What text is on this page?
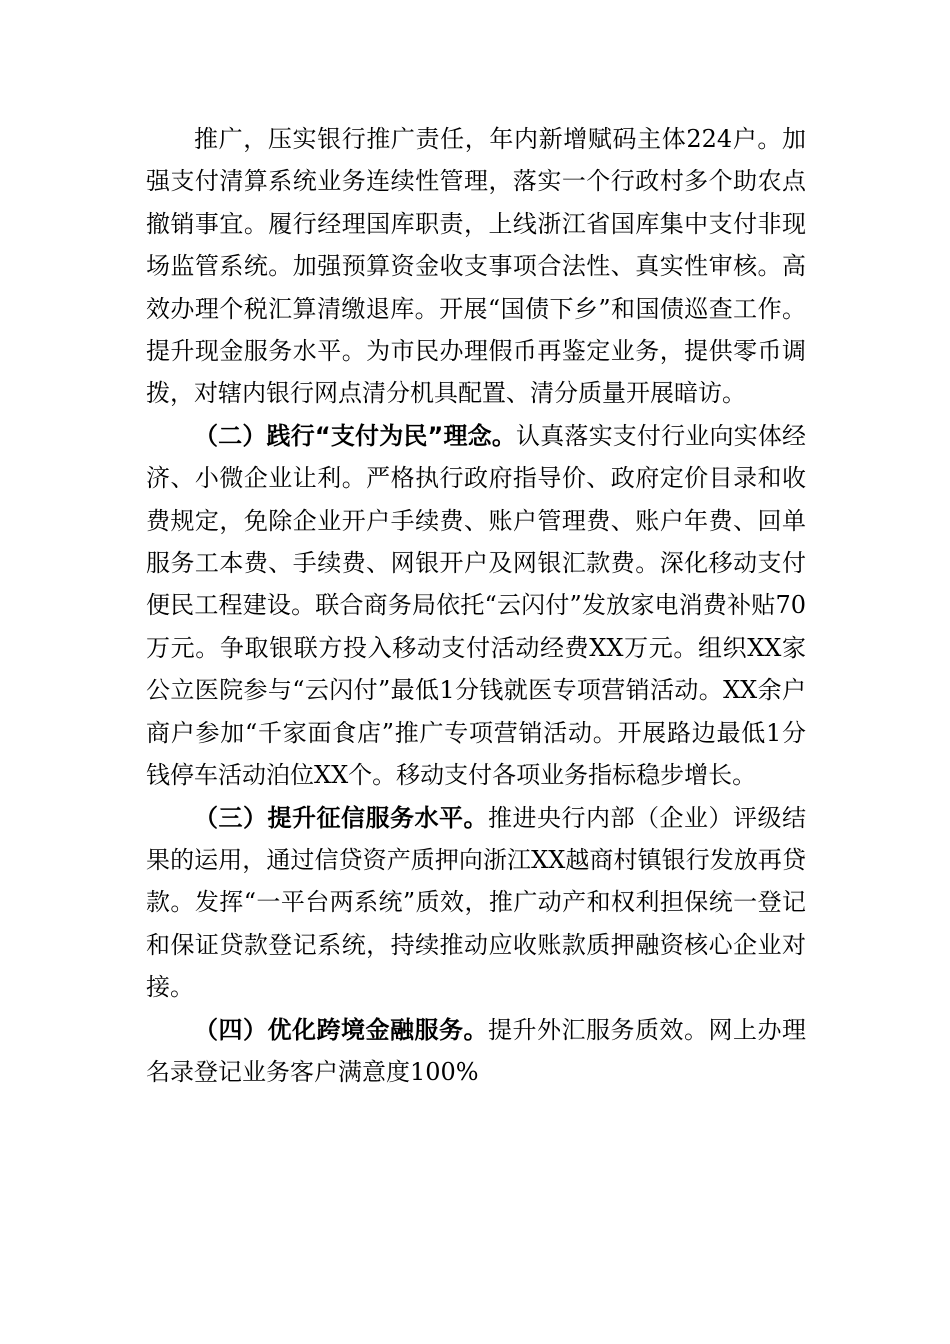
推广，压实银行推广责任，年内新增赋码主体224户。加强支付清算系统业务连续性管理，落实一个行政村多个助农点撤销事宜。履行经理国库职责，上线浙江省国库集中支付非现场监管系统。加强预算资金收支事项合法性、真实性审核。高效办理个税汇算清缴退库。开展“国债下乡”和国债巡查工作。提升现金服务水平。为市民办理假币再鉴定业务，提供零币调拨，对辖内银行网点清分机具配置、清分质量开展暗访。

（二）践行“支付为民”理念。认真落实支付行业向实体经济、小微企业让利。严格执行政府指导价、政府定价目录和收费规定，免除企业开户手续费、账户管理费、账户年费、回单服务工本费、手续费、网银开户及网银汇款费。深化移动支付便民工程建设。联合商务局依托“云闪付”发放家电消费补贴70万元。争取银联方投入移动支付活动经费XX万元。组织XX家公立医院参与“云闪付”最低1分钱就医专项营销活动。XX余户商户参加“千家面食店”推广专项营销活动。开展路边最低1分钱停车活动泊位XX个。移动支付各项业务指标稳步增长。

（三）提升征信服务水平。推进央行内部（企业）评级结果的运用，通过信贷资产质押向浙江XX越商村镇银行发放再贷款。发挥“一平台两系统”质效，推广动产和权利担保统一登记和保证贷款登记系统，持续推动应收账款质押融资核心企业对接。

（四）优化跨境金融服务。提升外汇服务质效。网上办理名录登记业务客户满意度100%
